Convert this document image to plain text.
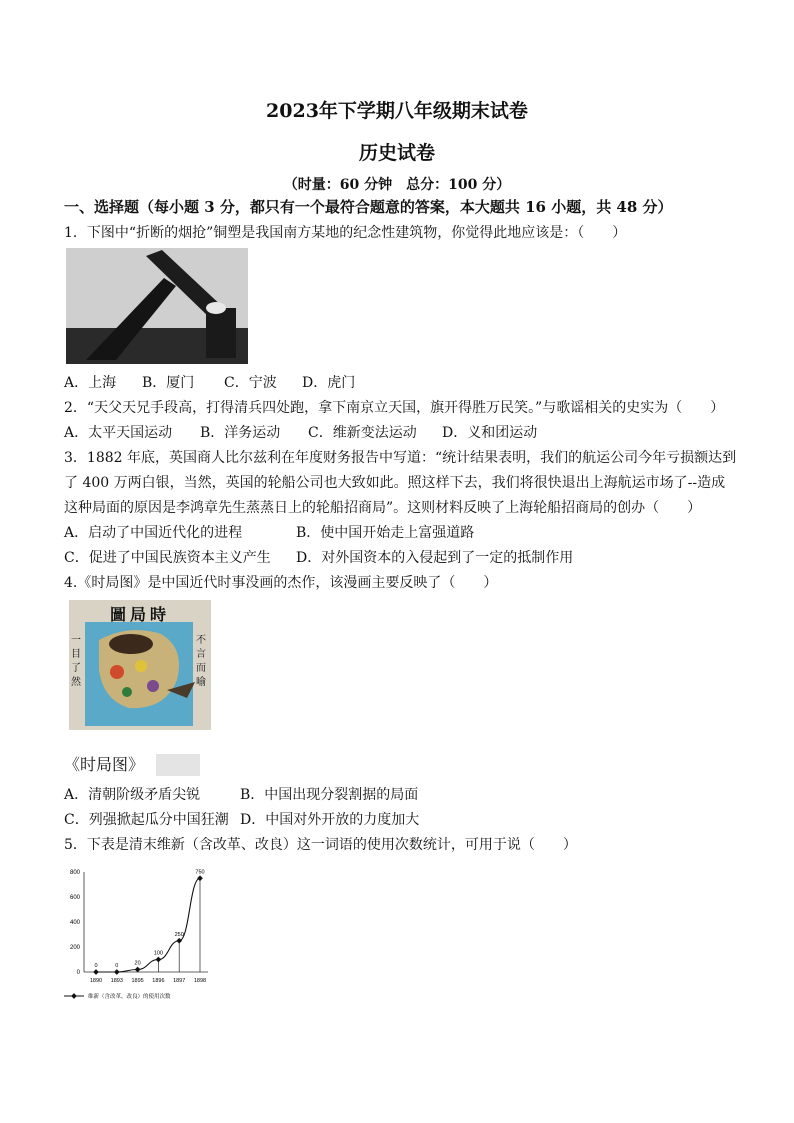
2023年下学期八年级期末试卷
历史试卷
（时量：60 分钟　总分：100 分）
一、选择题（每小题 3 分，都只有一个最符合题意的答案，本大题共 16 小题，共 48 分）
1．下图中“折断的烟抢”铜塑是我国南方某地的纪念性建筑物，你觉得此地应该是：（　　）
A．上海 B．厦门 C．宁波 D．虎门
2．“天父天兄手段高，打得清兵四处跑，拿下南京立天国，旗开得胜万民笑。”与歌谣相关的史实为（　　）
A．太平天国运动 B．洋务运动 C．维新变法运动 D．义和团运动
3．1882 年底，英国商人比尔兹利在年度财务报告中写道：“统计结果表明，我们的航运公司今年亏损额达到
了 400 万两白银，当然，英国的轮船公司也大致如此。照这样下去，我们将很快退出上海航运市场了--造成
这种局面的原因是李鸿章先生蒸蒸日上的轮船招商局”。这则材料反映了上海轮船招商局的创办（　　）
A．启动了中国近代化的进程	B．使中国开始走上富强道路
C．促进了中国民族资本主义产生 D．对外国资本的入侵起到了一定的抵制作用
4.《时局图》是中国近代时事没画的杰作，该漫画主要反映了（　　）
圖局時
一目了然
不言而喻
《时局图》
A．清朝阶级矛盾尖锐	B．中国出现分裂割据的局面
C．列强掀起瓜分中国狂潮 D．中国对外开放的力度加大
5．下表是清末维新（含改革、改良）这一词语的使用次数统计，可用于说（　　）
0
200
400
600
800
1890 1893 1895 1896 1897 1898
0	0	20
100
250
750
维新（含改革、改良）的使用次数
